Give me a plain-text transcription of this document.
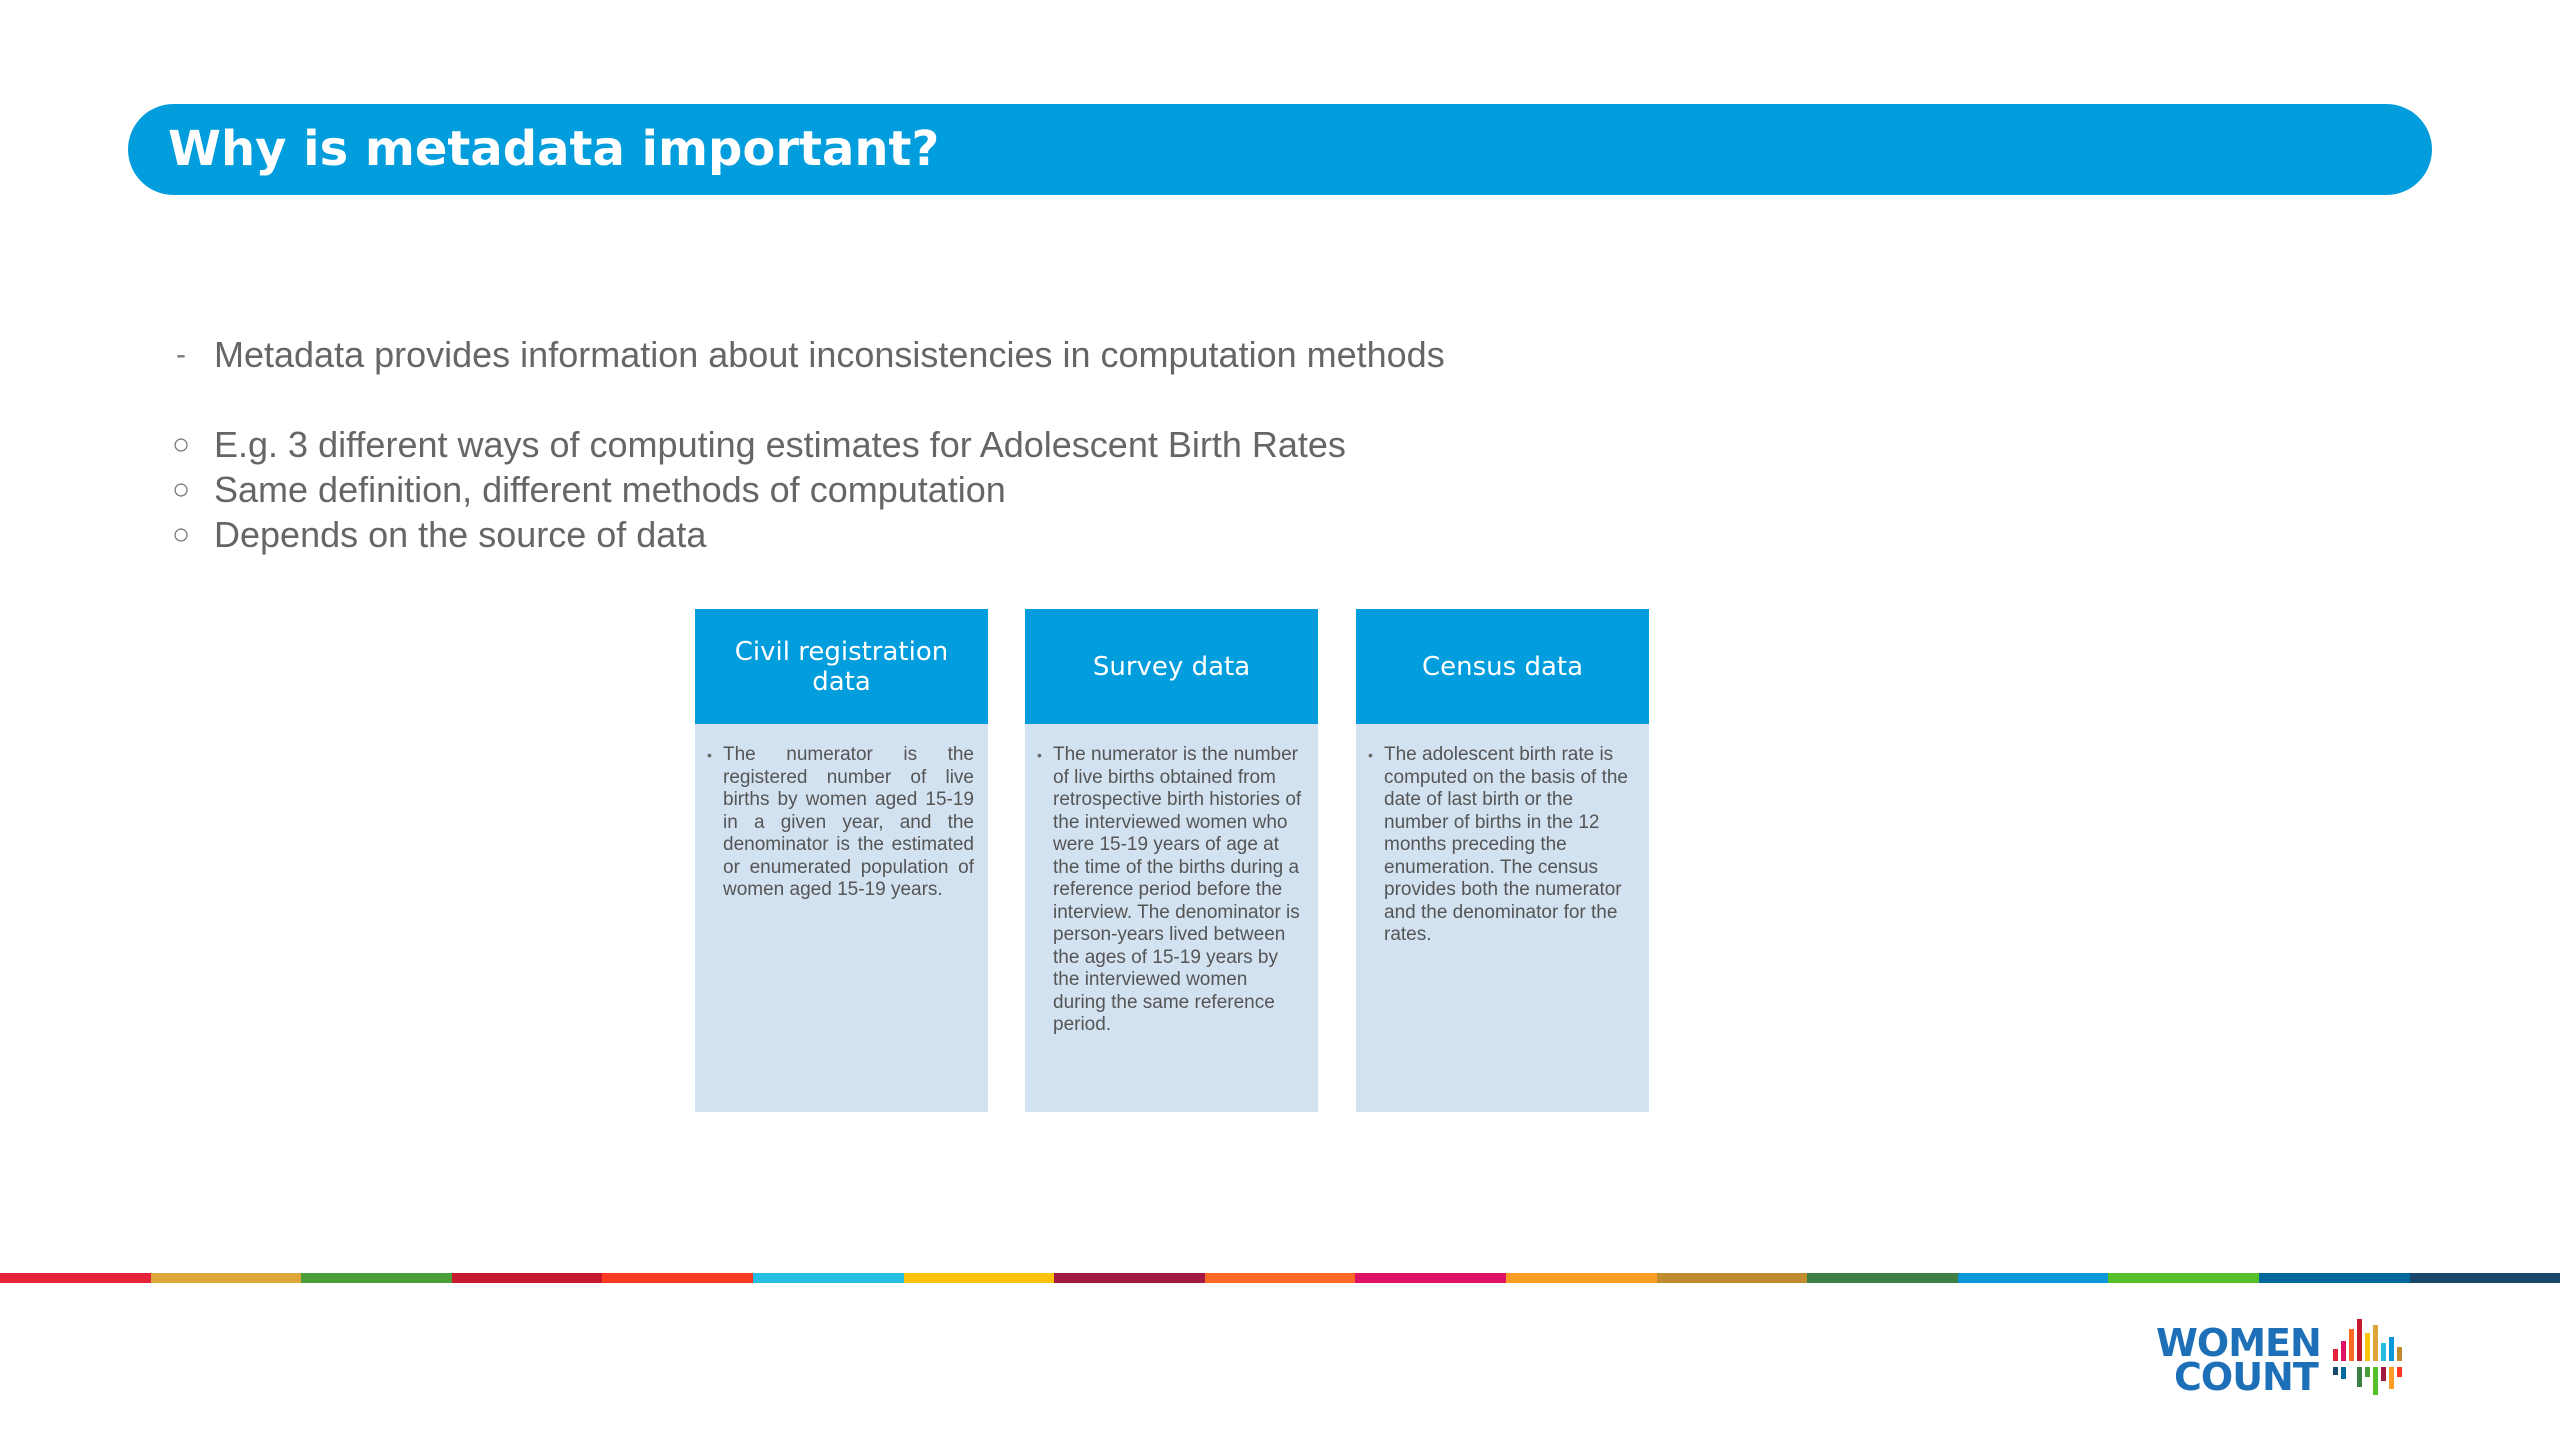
Why is metadata important?
- Metadata provides information about inconsistencies in computation methods
○ E.g. 3 different ways of computing estimates for Adolescent Birth Rates
○ Same definition, different methods of computation
○ Depends on the source of data
Civil registration data
• The numerator is the registered number of live births by women aged 15-19 in a given year, and the denominator is the estimated or enumerated population of women aged 15-19 years.
Survey data
• The numerator is the number of live births obtained from retrospective birth histories of the interviewed women who were 15-19 years of age at the time of the births during a reference period before the interview. The denominator is person-years lived between the ages of 15-19 years by the interviewed women during the same reference period.
Census data
• The adolescent birth rate is computed on the basis of the date of last birth or the number of births in the 12 months preceding the enumeration. The census provides both the numerator and the denominator for the rates.
WOMEN
COUNT
